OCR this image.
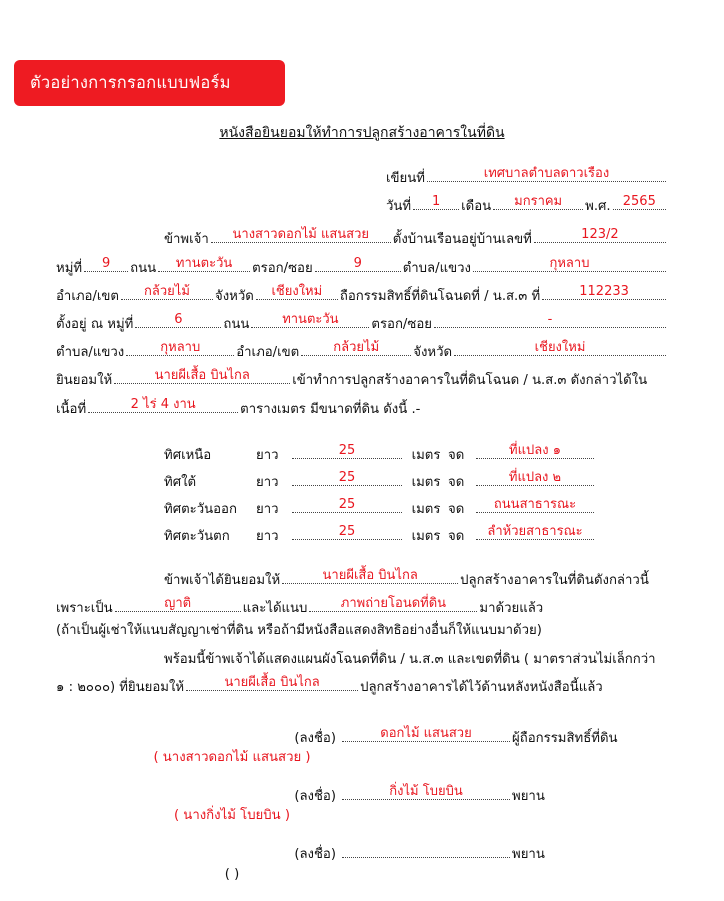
ตัวอย่างการกรอกแบบฟอร์ม
หนังสือยินยอมให้ทำการปลูกสร้างอาคารในที่ดิน
เขียนที่	เทศบาลตำบลดาวเรือง
วันที่	1	เดือน	มกราคม	พ.ศ. 2565
ข้าพเจ้า	นางสาวดอกไม้ แสนสวย	ตั้งบ้านเรือนอยู่บ้านเลขที่	123/2
หมู่ที่	9	ถนน	ทานตะวัน	ตรอก/ซอย	9	ตำบล/แขวง	กุหลาบ
อำเภอ/เขต	กล้วยไม้	จังหวัด	เชียงใหม่	ถือกรรมสิทธิ์ที่ดินโฉนดที่ / น.ส.๓ ที่	112233
ตั้งอยู่ ณ หมู่ที่	6	ถนน	ทานตะวัน	ตรอก/ซอย	-
ตำบล/แขวง	กุหลาบ	อำเภอ/เขต	กล้วยไม้	จังหวัด	เชียงใหม่
ยินยอมให้	นายผีเสื้อ บินไกล	เข้าทำการปลูกสร้างอาคารในที่ดินโฉนด / น.ส.๓ ดังกล่าวได้ใน
เนื้อที่	2 ไร่ 4 งาน	ตารางเมตร มีขนาดที่ดิน ดังนี้ .-
ทิศเหนือ	ยาว	25	เมตร จด	ที่แปลง ๑
ทิศใต้	ยาว	25	เมตร จด	ที่แปลง ๒
ทิศตะวันออก	ยาว	25	เมตร จด	ถนนสาธารณะ
ทิศตะวันตก	ยาว	25	เมตร จด	ลำห้วยสาธารณะ
ข้าพเจ้าได้ยินยอมให้	นายผีเสื้อ บินไกล	ปลูกสร้างอาคารในที่ดินดังกล่าวนี้
เพราะเป็น	ญาติ	และได้แนบ	ภาพถ่ายโอนดที่ดิน	มาด้วยแล้ว
(ถ้าเป็นผู้เช่าให้แนบสัญญาเช่าที่ดิน หรือถ้ามีหนังสือแสดงสิทธิอย่างอื่นก็ให้แนบมาด้วย)
พร้อมนี้ข้าพเจ้าได้แสดงแผนผังโฉนดที่ดิน / น.ส.๓ และเขตที่ดิน ( มาตราส่วนไม่เล็กกว่า
๑ : ๒๐๐๐) ที่ยินยอมให้	นายผีเสื้อ บินไกล	ปลูกสร้างอาคารได้ไว้ด้านหลังหนังสือนี้แล้ว
(ลงชื่อ)	ดอกไม้ แสนสวย	ผู้ถือกรรมสิทธิ์ที่ดิน
( นางสาวดอกไม้ แสนสวย )
(ลงชื่อ)	กิ่งไม้ โบยบิน	พยาน
( นางกิ่งไม้ โบยบิน )
(ลงชื่อ)	พยาน
( )
